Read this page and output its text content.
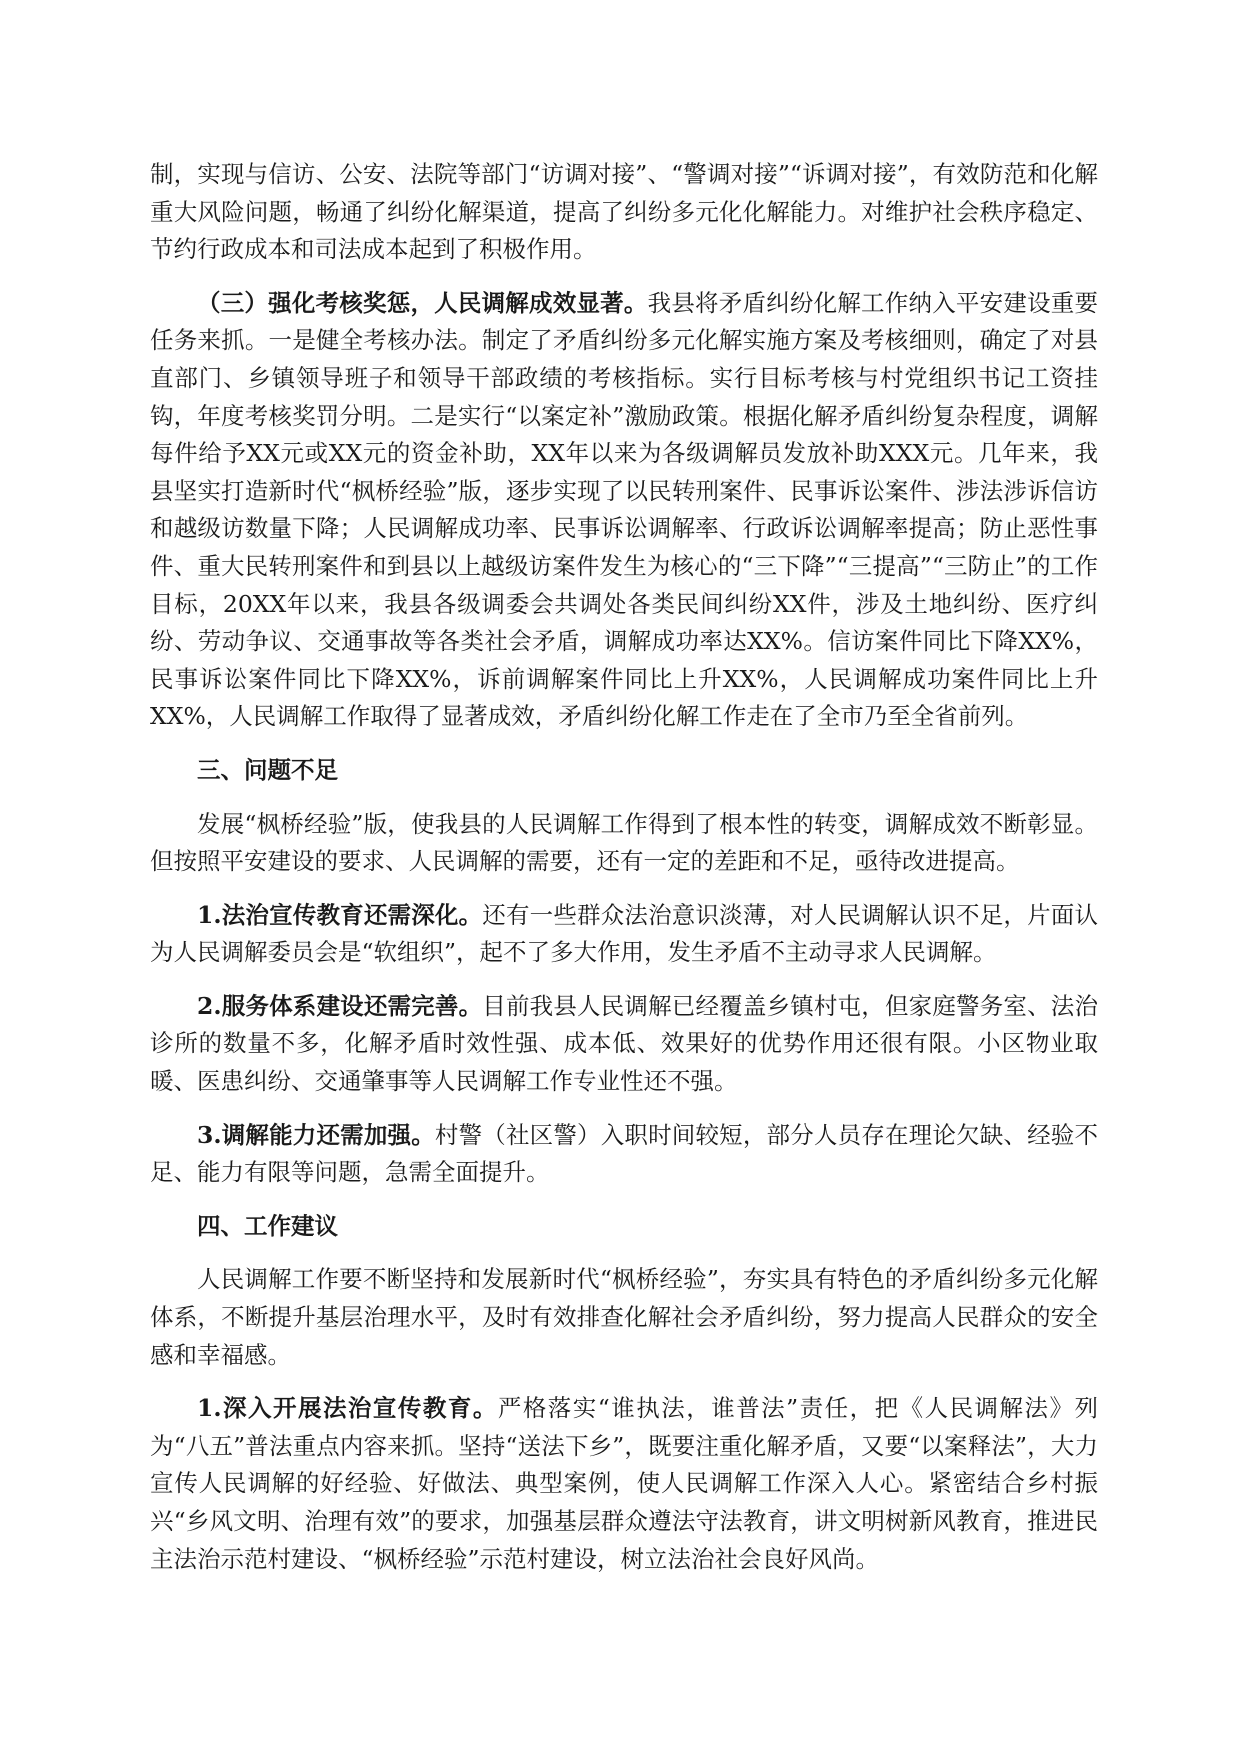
制，实现与信访、公安、法院等部门“访调对接”、“警调对接”“诉调对接”，有效防范和化解重大风险问题，畅通了纠纷化解渠道，提高了纠纷多元化化解能力。对维护社会秩序稳定、节约行政成本和司法成本起到了积极作用。

（三）强化考核奖惩，人民调解成效显著。我县将矛盾纠纷化解工作纳入平安建设重要任务来抓。一是健全考核办法。制定了矛盾纠纷多元化解实施方案及考核细则，确定了对县直部门、乡镇领导班子和领导干部政绩的考核指标。实行目标考核与村党组织书记工资挂钩，年度考核奖罚分明。二是实行“以案定补”激励政策。根据化解矛盾纠纷复杂程度，调解每件给予XX元或XX元的资金补助，XX年以来为各级调解员发放补助XXX元。几年来，我县坚实打造新时代“枫桥经验”版，逐步实现了以民转刑案件、民事诉讼案件、涉法涉诉信访和越级访数量下降；人民调解成功率、民事诉讼调解率、行政诉讼调解率提高；防止恶性事件、重大民转刑案件和到县以上越级访案件发生为核心的“三下降”“三提高”“三防止”的工作目标，20XX年以来，我县各级调委会共调处各类民间纠纷XX件，涉及土地纠纷、医疗纠纷、劳动争议、交通事故等各类社会矛盾，调解成功率达XX%。信访案件同比下降XX%，民事诉讼案件同比下降XX%，诉前调解案件同比上升XX%，人民调解成功案件同比上升XX%，人民调解工作取得了显著成效，矛盾纠纷化解工作走在了全市乃至全省前列。

三、问题不足

发展“枫桥经验”版，使我县的人民调解工作得到了根本性的转变，调解成效不断彰显。但按照平安建设的要求、人民调解的需要，还有一定的差距和不足，亟待改进提高。

1.法治宣传教育还需深化。还有一些群众法治意识淡薄，对人民调解认识不足，片面认为人民调解委员会是“软组织”，起不了多大作用，发生矛盾不主动寻求人民调解。

2.服务体系建设还需完善。目前我县人民调解已经覆盖乡镇村屯，但家庭警务室、法治诊所的数量不多，化解矛盾时效性强、成本低、效果好的优势作用还很有限。小区物业取暖、医患纠纷、交通肇事等人民调解工作专业性还不强。

3.调解能力还需加强。村警（社区警）入职时间较短，部分人员存在理论欠缺、经验不足、能力有限等问题，急需全面提升。

四、工作建议

人民调解工作要不断坚持和发展新时代“枫桥经验”，夯实具有特色的矛盾纠纷多元化解体系，不断提升基层治理水平，及时有效排查化解社会矛盾纠纷，努力提高人民群众的安全感和幸福感。

1.深入开展法治宣传教育。严格落实“谁执法，谁普法”责任，把《人民调解法》列为“八五”普法重点内容来抓。坚持“送法下乡”，既要注重化解矛盾，又要“以案释法”，大力宣传人民调解的好经验、好做法、典型案例，使人民调解工作深入人心。紧密结合乡村振兴“乡风文明、治理有效”的要求，加强基层群众遵法守法教育，讲文明树新风教育，推进民主法治示范村建设、“枫桥经验”示范村建设，树立法治社会良好风尚。
